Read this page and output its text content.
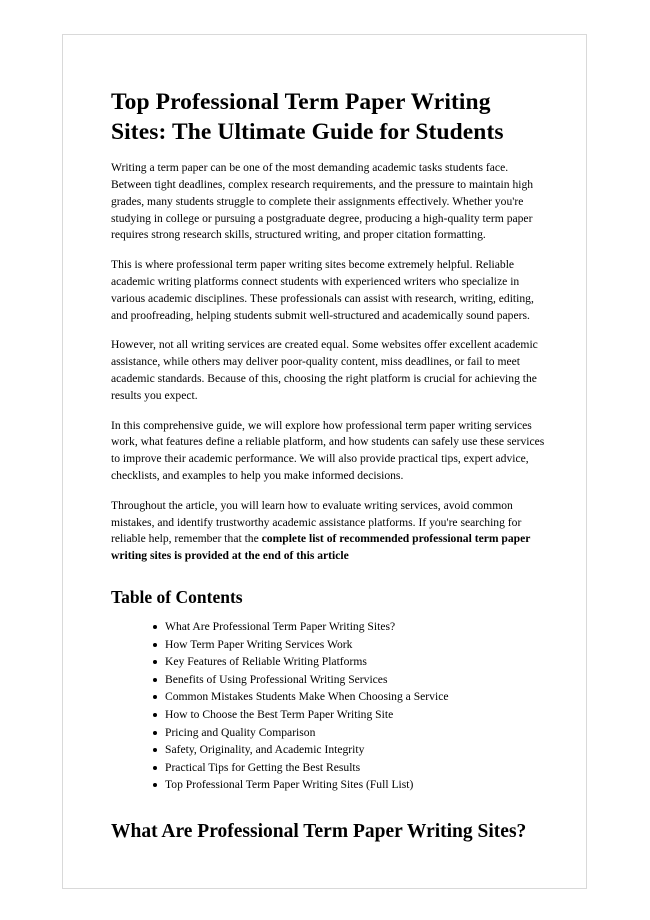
Top Professional Term Paper Writing Sites: The Ultimate Guide for Students

Writing a term paper can be one of the most demanding academic tasks students face. Between tight deadlines, complex research requirements, and the pressure to maintain high grades, many students struggle to complete their assignments effectively. Whether you're studying in college or pursuing a postgraduate degree, producing a high-quality term paper requires strong research skills, structured writing, and proper citation formatting.

This is where professional term paper writing sites become extremely helpful. Reliable academic writing platforms connect students with experienced writers who specialize in various academic disciplines. These professionals can assist with research, writing, editing, and proofreading, helping students submit well-structured and academically sound papers.

However, not all writing services are created equal. Some websites offer excellent academic assistance, while others may deliver poor-quality content, miss deadlines, or fail to meet academic standards. Because of this, choosing the right platform is crucial for achieving the results you expect.

In this comprehensive guide, we will explore how professional term paper writing services work, what features define a reliable platform, and how students can safely use these services to improve their academic performance. We will also provide practical tips, expert advice, checklists, and examples to help you make informed decisions.

Throughout the article, you will learn how to evaluate writing services, avoid common mistakes, and identify trustworthy academic assistance platforms. If you're searching for reliable help, remember that the complete list of recommended professional term paper writing sites is provided at the end of this article

Table of Contents
What Are Professional Term Paper Writing Sites?
How Term Paper Writing Services Work
Key Features of Reliable Writing Platforms
Benefits of Using Professional Writing Services
Common Mistakes Students Make When Choosing a Service
How to Choose the Best Term Paper Writing Site
Pricing and Quality Comparison
Safety, Originality, and Academic Integrity
Practical Tips for Getting the Best Results
Top Professional Term Paper Writing Sites (Full List)
What Are Professional Term Paper Writing Sites?
